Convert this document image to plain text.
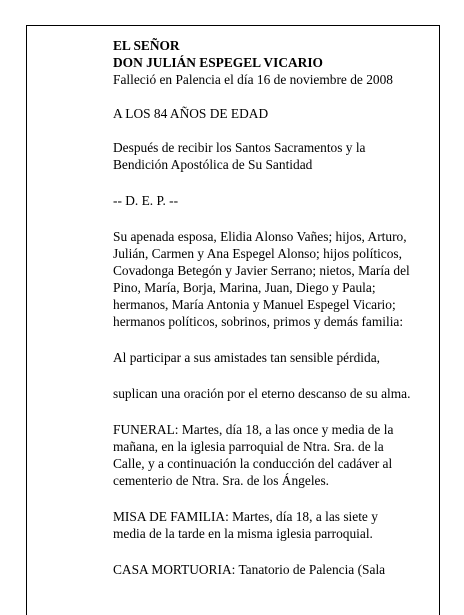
EL SEÑOR

DON JULIÁN ESPEGEL VICARIO

Falleció en Palencia el día 16 de noviembre de 2008

A LOS 84 AÑOS DE EDAD

Después de recibir los Santos Sacramentos y la

Bendición Apostólica de Su Santidad

-- D. E. P. --

Su apenada esposa, Elidia Alonso Vañes; hijos, Arturo,

Julián, Carmen y Ana Espegel Alonso; hijos políticos,

Covadonga Betegón y Javier Serrano; nietos, María del

Pino, María, Borja, Marina, Juan, Diego y Paula;

hermanos, María Antonia y Manuel Espegel Vicario;

hermanos políticos, sobrinos, primos y demás familia:

Al participar a sus amistades tan sensible pérdida,

suplican una oración por el eterno descanso de su alma.

FUNERAL: Martes, día 18, a las once y media de la

mañana, en la iglesia parroquial de Ntra. Sra. de la

Calle, y a continuación la conducción del cadáver al

cementerio de Ntra. Sra. de los Ángeles.

MISA DE FAMILIA: Martes, día 18, a las siete y

media de la tarde en la misma iglesia parroquial.

CASA MORTUORIA: Tanatorio de Palencia (Sala
